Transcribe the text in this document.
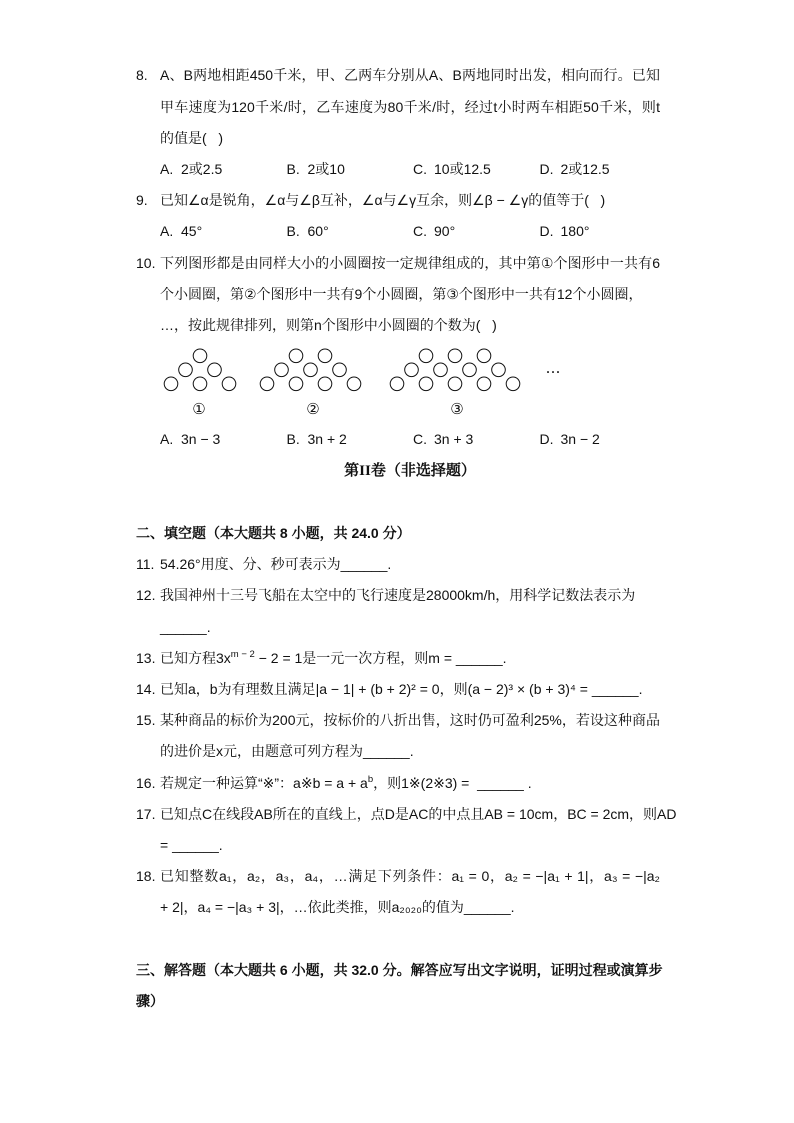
8. A、B两地相距450千米，甲、乙两车分别从A、B两地同时出发，相向而行。已知
甲车速度为120千米/时，乙车速度为80千米/时，经过t小时两车相距50千米，则t
的值是(   )
A. 2或2.5	B. 2或10	C. 10或12.5	D. 2或12.5
9. 已知∠α是锐角，∠α与∠β互补，∠α与∠γ互余，则∠β − ∠γ的值等于(   )
A. 45°	B. 60°	C. 90°	D. 180°
10. 下列图形都是由同样大小的小圆圈按一定规律组成的，其中第①个图形中一共有6
个小圆圈，第②个图形中一共有9个小圆圈，第③个图形中一共有12个小圆圈，
…，按此规律排列，则第n个图形中小圆圈的个数为(   )
①	②	③
…
A. 3n − 3	B. 3n + 2	C. 3n + 3	D. 3n − 2
第II卷（非选择题）
二、填空题（本大题共 8 小题，共 24.0 分）
11. 54.26°用度、分、秒可表示为______.
12. 我国神州十三号飞船在太空中的飞行速度是28000km/h，用科学记数法表示为
______.
13. 已知方程$3x^{m - 2} - 2 = 1$是一元一次方程，则m = ______.
14. 已知a，b为有理数且满足|a − 1| + (b + 2)² = 0，则(a − 2)³ × (b + 3)⁴ = ______.
15. 某种商品的标价为200元，按标价的八折出售，这时仍可盈利25%，若设这种商品
的进价是x元，由题意可列方程为______.
16. 若规定一种运算“※”：a※b = $a + a^b$，则1※(2※3) =  ______ .
17. 已知点C在线段AB所在的直线上，点D是AC的中点且AB = 10cm，BC = 2cm，则AD
= ______.
18. 已知整数a₁，a₂，a₃，a₄，…满足下列条件：a₁ = 0，a₂ = −|a₁ + 1|，a₃ = −|a₂
+ 2|，a₄ = −|a₃ + 3|，…依此类推，则a₂₀₂₀的值为______.
三、解答题（本大题共 6 小题，共 32.0 分。解答应写出文字说明，证明过程或演算步
骤）
